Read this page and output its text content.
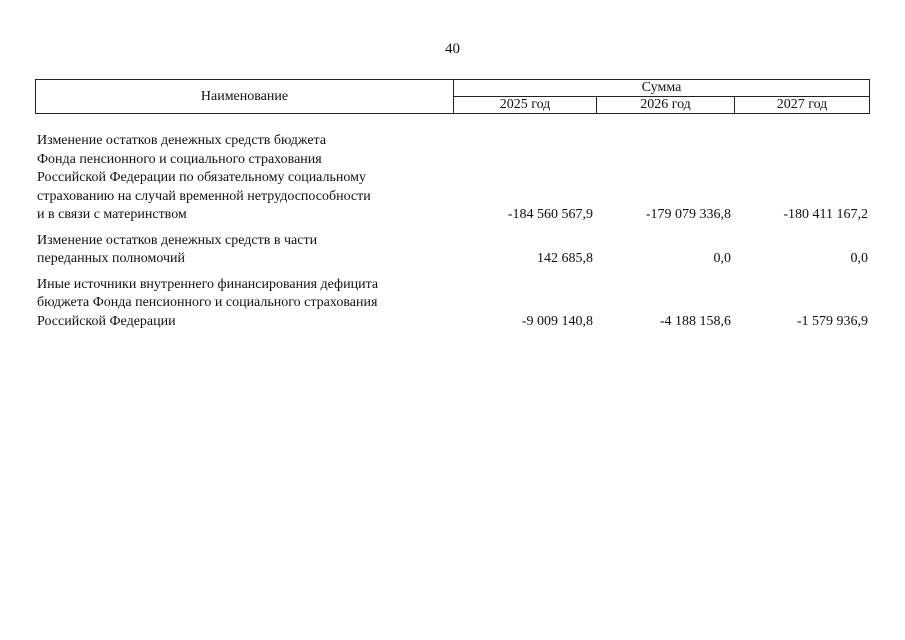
40
Наименование	Сумма		
	2025 год	2026 год	2027 год
Изменение остатков денежных средств бюджета
Фонда пенсионного и социального страхования
Российской Федерации по обязательному социальному
страхованию на случай временной нетрудоспособности
и в связи с материнством	-184 560 567,9	-179 079 336,8	-180 411 167,2
Изменение остатков денежных средств в части
переданных полномочий	142 685,8	0,0	0,0
Иные источники внутреннего финансирования дефицита
бюджета Фонда пенсионного и социального страхования
Российской Федерации	-9 009 140,8	-4 188 158,6	-1 579 936,9
